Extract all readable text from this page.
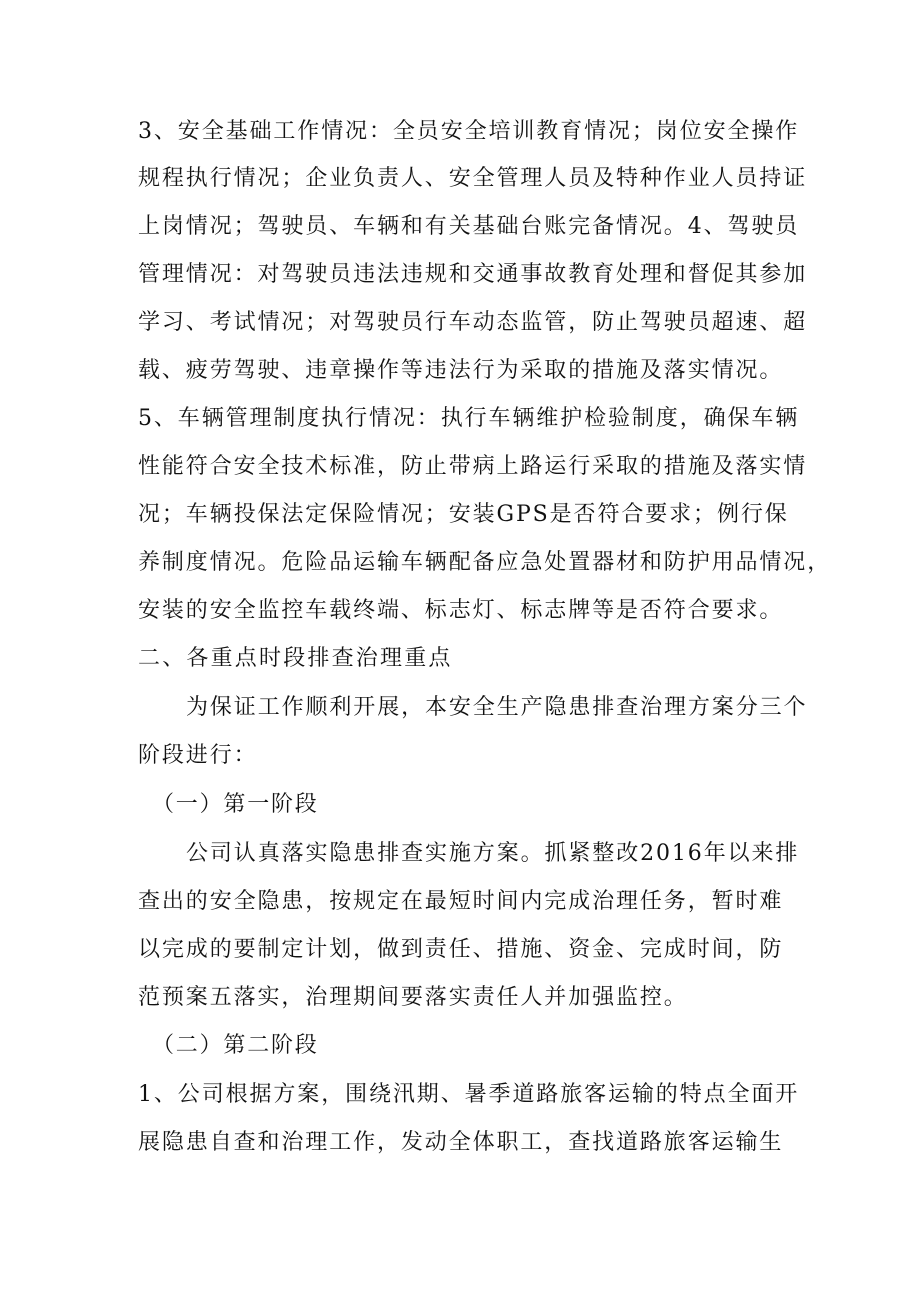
3、安全基础工作情况：全员安全培训教育情况；岗位安全操作

规程执行情况；企业负责人、安全管理人员及特种作业人员持证

上岗情况；驾驶员、车辆和有关基础台账完备情况。4、驾驶员

管理情况：对驾驶员违法违规和交通事故教育处理和督促其参加

学习、考试情况；对驾驶员行车动态监管，防止驾驶员超速、超

载、疲劳驾驶、违章操作等违法行为采取的措施及落实情况。

5、车辆管理制度执行情况：执行车辆维护检验制度，确保车辆

性能符合安全技术标准，防止带病上路运行采取的措施及落实情

况；车辆投保法定保险情况；安装GPS是否符合要求；例行保

养制度情况。危险品运输车辆配备应急处置器材和防护用品情况，

安装的安全监控车载终端、标志灯、标志牌等是否符合要求。

二、各重点时段排查治理重点

为保证工作顺利开展，本安全生产隐患排查治理方案分三个

阶段进行：

（一）第一阶段

公司认真落实隐患排查实施方案。抓紧整改2016年以来排

查出的安全隐患，按规定在最短时间内完成治理任务，暂时难

以完成的要制定计划，做到责任、措施、资金、完成时间，防

范预案五落实，治理期间要落实责任人并加强监控。

（二）第二阶段

1、公司根据方案，围绕汛期、暑季道路旅客运输的特点全面开

展隐患自查和治理工作，发动全体职工，查找道路旅客运输生
